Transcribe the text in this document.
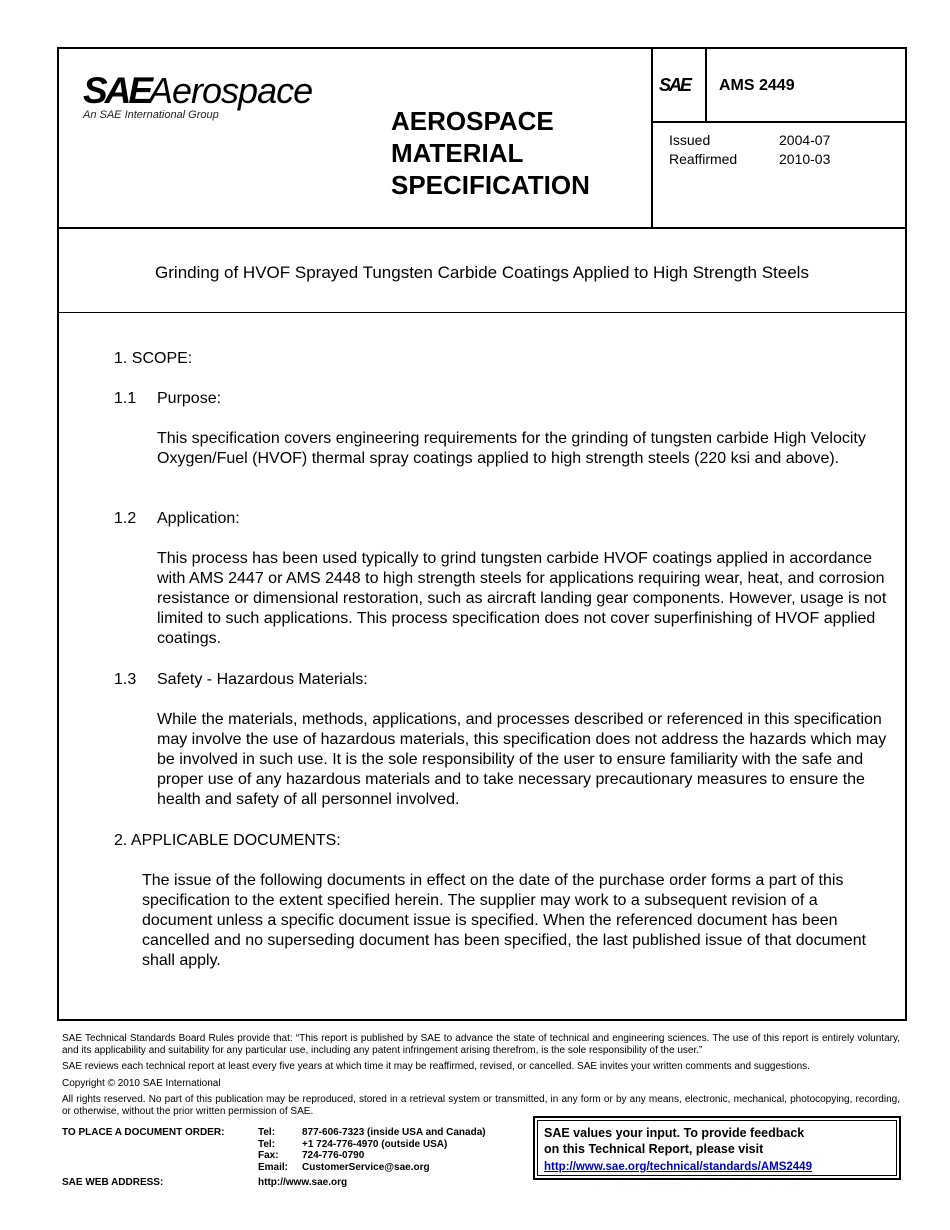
SAE
Aerospace
An SAE International Group	AEROSPACE
MATERIAL
SPECIFICATION
SAE AMS 2449
Issued	2004-07
Reaffirmed	2010-03
Grinding of HVOF Sprayed Tungsten Carbide Coatings Applied to High Strength Steels
1. SCOPE:
1.1 Purpose:
This specification covers engineering requirements for the grinding of tungsten carbide High Velocity Oxygen/Fuel (HVOF) thermal spray coatings applied to high strength steels (220 ksi and above).
1.2 Application:
This process has been used typically to grind tungsten carbide HVOF coatings applied in accordance with AMS 2447 or AMS 2448 to high strength steels for applications requiring wear, heat, and corrosion resistance or dimensional restoration, such as aircraft landing gear components. However, usage is not limited to such applications. This process specification does not cover superfinishing of HVOF applied coatings.
1.3 Safety - Hazardous Materials:
While the materials, methods, applications, and processes described or referenced in this specification may involve the use of hazardous materials, this specification does not address the hazards which may be involved in such use. It is the sole responsibility of the user to ensure familiarity with the safe and proper use of any hazardous materials and to take necessary precautionary measures to ensure the health and safety of all personnel involved.
2. APPLICABLE DOCUMENTS:
The issue of the following documents in effect on the date of the purchase order forms a part of this specification to the extent specified herein. The supplier may work to a subsequent revision of a document unless a specific document issue is specified. When the referenced document has been cancelled and no superseding document has been specified, the last published issue of that document shall apply.

SAE Technical Standards Board Rules provide that: “This report is published by SAE to advance the state of technical and engineering sciences. The use of this report is entirely voluntary, and its applicability and suitability for any particular use, including any patent infringement arising therefrom, is the sole responsibility of the user.”

SAE reviews each technical report at least every five years at which time it may be reaffirmed, revised, or cancelled. SAE invites your written comments and suggestions.

Copyright © 2010 SAE International

All rights reserved. No part of this publication may be reproduced, stored in a retrieval system or transmitted, in any form or by any means, electronic, mechanical, photocopying, recording, or otherwise, without the prior written permission of SAE.

TO PLACE A DOCUMENT ORDER:	Tel:	877-606-7323 (inside USA and Canada)
Tel:	+1 724-776-4970 (outside USA)
Fax: 724-776-0790
Email: CustomerService@sae.org
SAE WEB ADDRESS:	http://www.sae.org
SAE values your input. To provide feedback
on this Technical Report, please visit
http://www.sae.org/technical/standards/AMS2449
